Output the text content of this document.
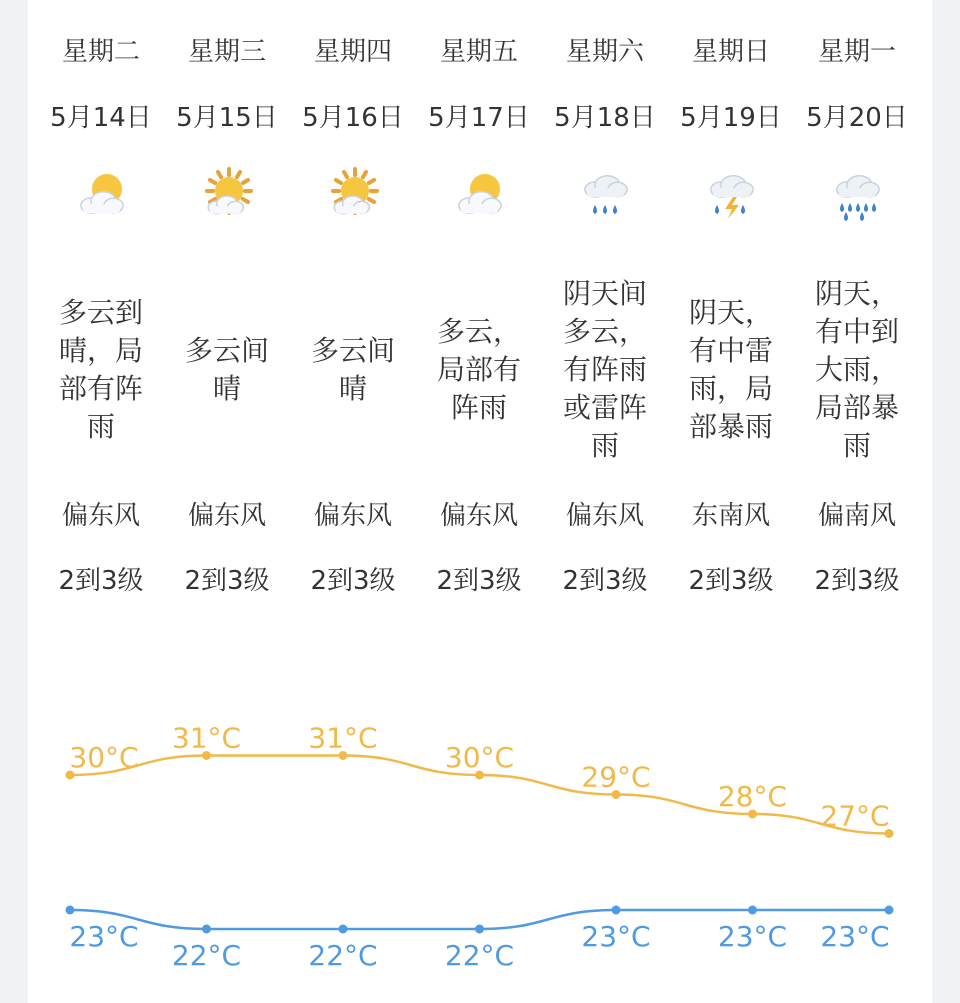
星期二
5月14日
多云到晴，局部有阵雨
偏东风
2到3级
星期三
5月15日
多云间晴
偏东风
2到3级
星期四
5月16日
多云间晴
偏东风
2到3级
星期五
5月17日
多云，局部有阵雨
偏东风
2到3级
星期六
5月18日
阴天间多云，有阵雨或雷阵雨
偏东风
2到3级
星期日
5月19日
阴天，有中雷雨，局部暴雨
东南风
2到3级
星期一
5月20日
阴天，有中到大雨，局部暴雨
偏南风
2到3级
30°C
31°C 31°C
30°C
29°C
28°C
27°C
23°C
22°C 22°C 22°C
23°C 23°C 23°C
